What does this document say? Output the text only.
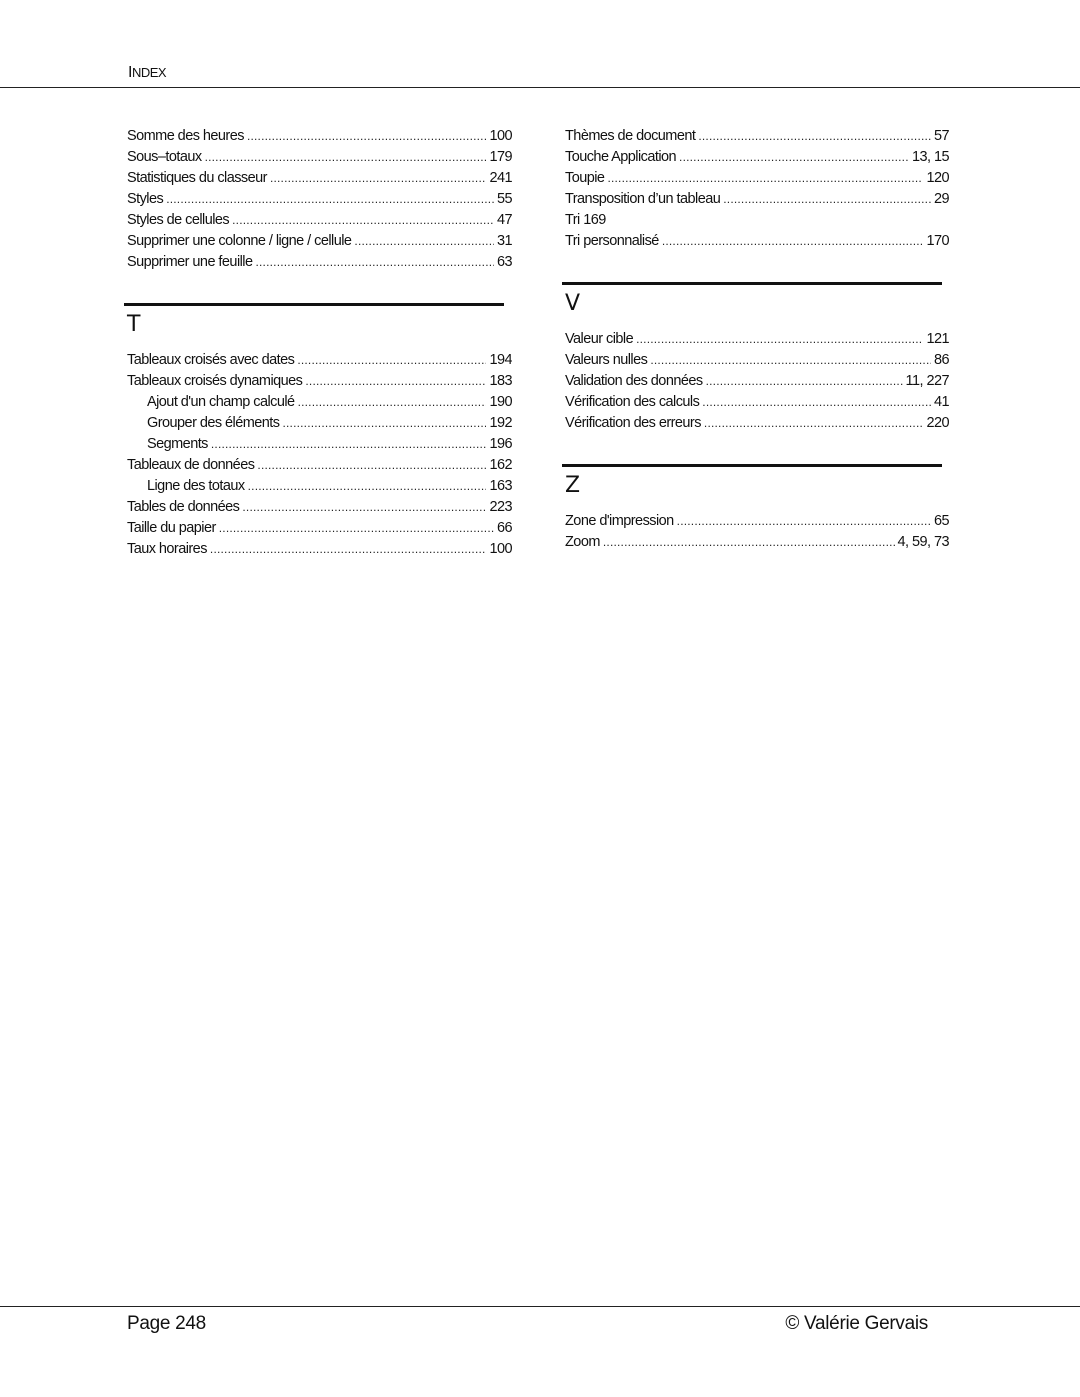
INDEX
Somme des heures .....	100
Sous–totaux .....	179
Statistiques du classeur .....	241
Styles .....	55
Styles de cellules .....	47
Supprimer une colonne / ligne / cellule .....	31
Supprimer une feuille .....	63
T
Tableaux croisés avec dates .....	194
Tableaux croisés dynamiques .....	183
Ajout d'un champ calculé .....	190
Grouper des éléments .....	192
Segments .....	196
Tableaux de données .....	162
Ligne des totaux .....	163
Tables de données .....	223
Taille du papier .....	66
Taux horaires .....	100
Thèmes de document .....	57
Touche Application .....	13, 15
Toupie .....	120
Transposition d’un tableau .....	29
Tri 169
Tri personnalisé .....	170
V
Valeur cible .....	121
Valeurs nulles .....	86
Validation des données .....	11, 227
Vérification des calculs .....	41
Vérification des erreurs .....	220
Z
Zone d'impression .....	65
Zoom .....	4, 59, 73
Page 248	© Valérie Gervais
